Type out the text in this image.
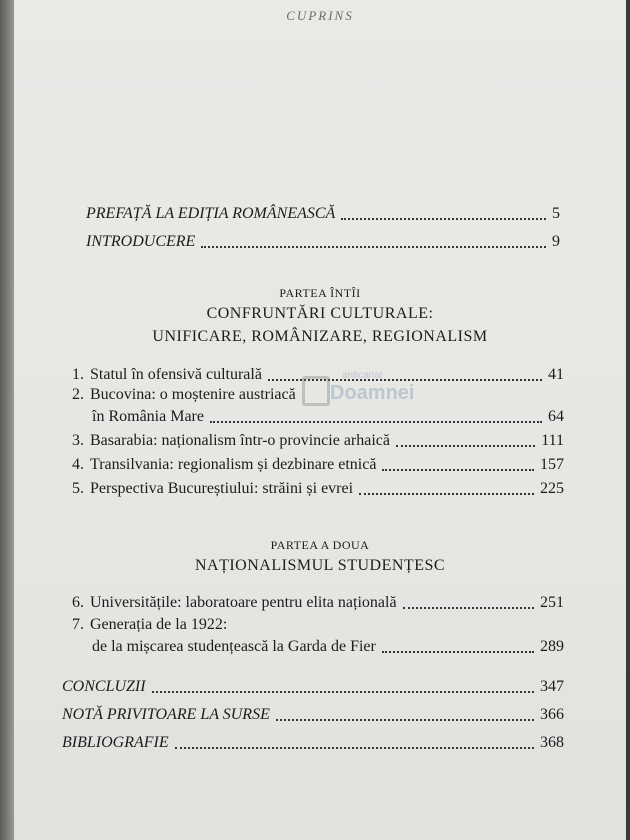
CUPRINS
PREFAȚĂ LA EDIȚIA ROMÂNEASCĂ	5
INTRODUCERE	9
PARTEA ÎNTÎI
CONFRUNTĂRI CULTURALE:
UNIFICARE, ROMÂNIZARE, REGIONALISM
1. Statul în ofensivă culturală	41
2. Bucovina: o moștenire austriacă
în România Mare	64
3. Basarabia: naționalism într-o provincie arhaică	111
4. Transilvania: regionalism și dezbinare etnică	157
5. Perspectiva Bucureștiului: străini și evrei	225
PARTEA A DOUA
NAȚIONALISMUL STUDENȚESC
6. Universitățile: laboratoare pentru elita națională	251
7. Generația de la 1922:
de la mișcarea studențească la Garda de Fier	289
CONCLUZII	347
NOTĂ PRIVITOARE LA SURSE	366
BIBLIOGRAFIE	368
anticariat
Doamnei
